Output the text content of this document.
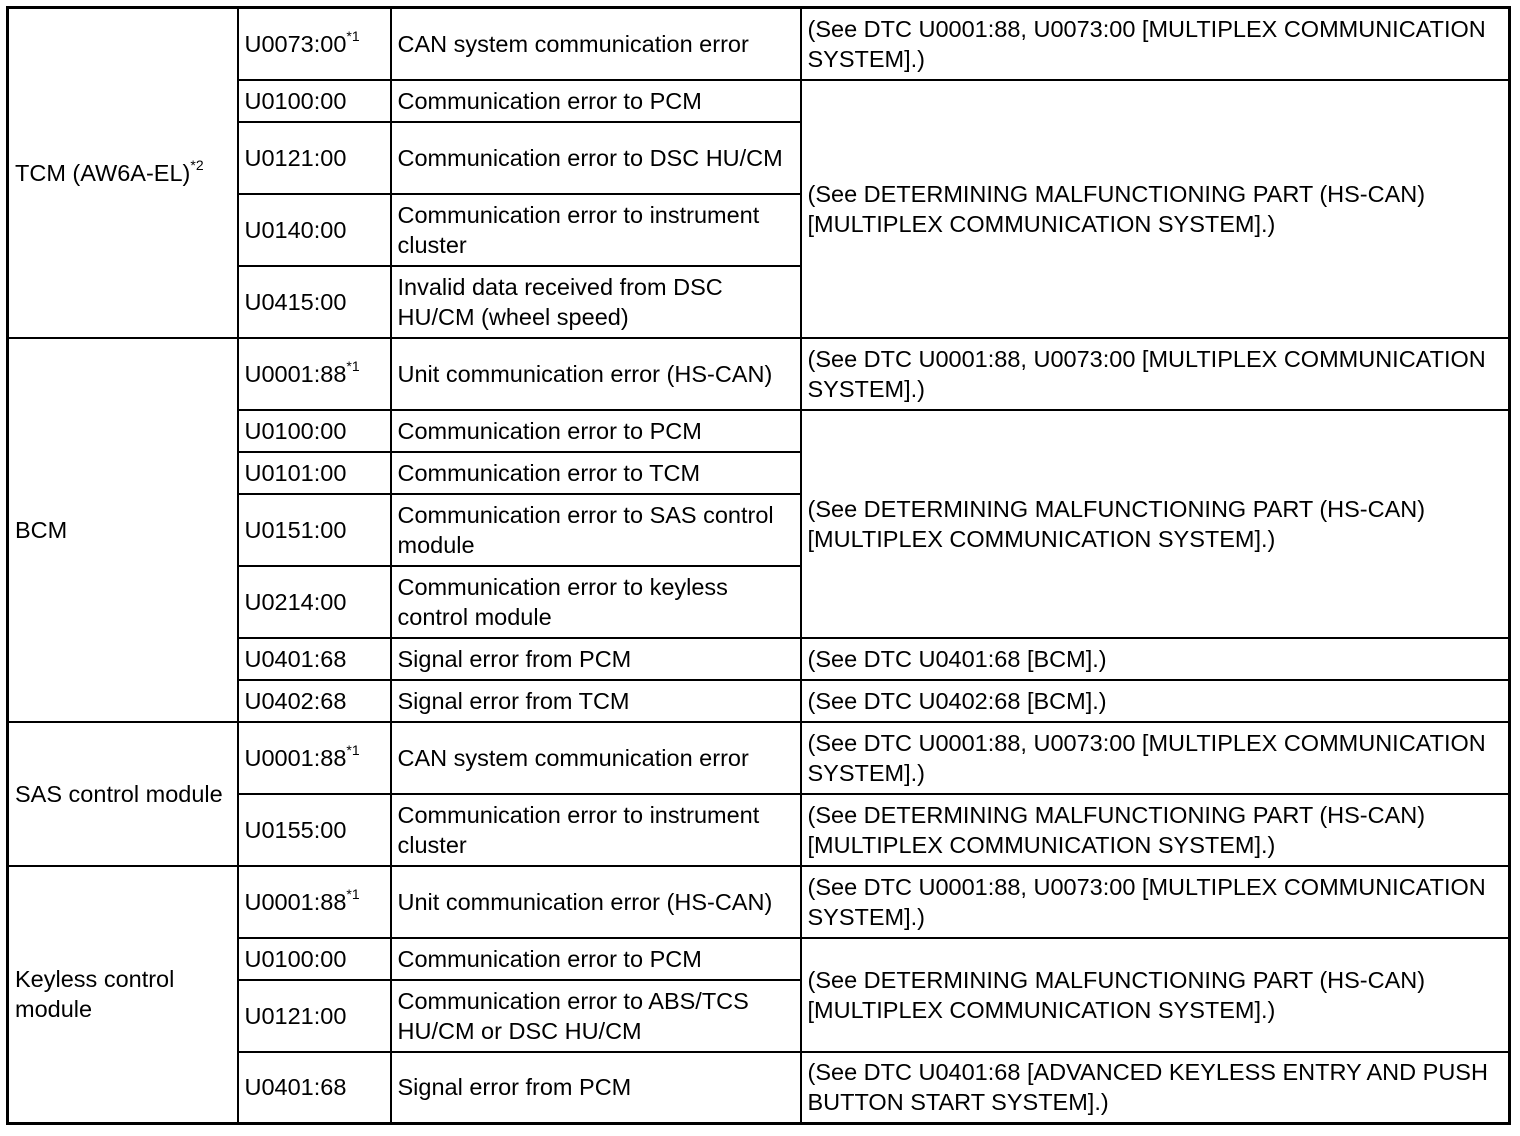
TCM $(AW6A-EL)^{*2}$	U0073:00$^{*1}$	CAN system communication error	(See DTC U0001:88, U0073:00 [MULTIPLEX COMMUNICATION SYSTEM].)
	U0100:00	Communication error to PCM	(See DETERMINING MALFUNCTIONING PART (HS-CAN) [MULTIPLEX COMMUNICATION SYSTEM].)
	U0121:00	Communication error to DSC HU/CM	
	U0140:00	Communication error to instrument cluster	
	U0415:00	Invalid data received from DSC HU/CM (wheel speed)	
BCM	U0001:88$^{*1}$	Unit communication error (HS-CAN)	(See DTC U0001:88, U0073:00 [MULTIPLEX COMMUNICATION SYSTEM].)
	U0100:00	Communication error to PCM	(See DETERMINING MALFUNCTIONING PART (HS-CAN) [MULTIPLEX COMMUNICATION SYSTEM].)
	U0101:00	Communication error to TCM	
	U0151:00	Communication error to SAS control module	
	U0214:00	Communication error to keyless control module	
	U0401:68	Signal error from PCM	(See DTC U0401:68 [BCM].)
	U0402:68	Signal error from TCM	(See DTC U0402:68 [BCM].)
SAS control module	U0001:88$^{*1}$	CAN system communication error	(See DTC U0001:88, U0073:00 [MULTIPLEX COMMUNICATION SYSTEM].)
	U0155:00	Communication error to instrument cluster	(See DETERMINING MALFUNCTIONING PART (HS-CAN) [MULTIPLEX COMMUNICATION SYSTEM].)
Keyless control module	U0001:88$^{*1}$	Unit communication error (HS-CAN)	(See DTC U0001:88, U0073:00 [MULTIPLEX COMMUNICATION SYSTEM].)
	U0100:00	Communication error to PCM	(See DETERMINING MALFUNCTIONING PART (HS-CAN) [MULTIPLEX COMMUNICATION SYSTEM].)
	U0121:00	Communication error to ABS/TCS HU/CM or DSC HU/CM	
	U0401:68	Signal error from PCM	(See DTC U0401:68 [ADVANCED KEYLESS ENTRY AND PUSH BUTTON START SYSTEM].)
